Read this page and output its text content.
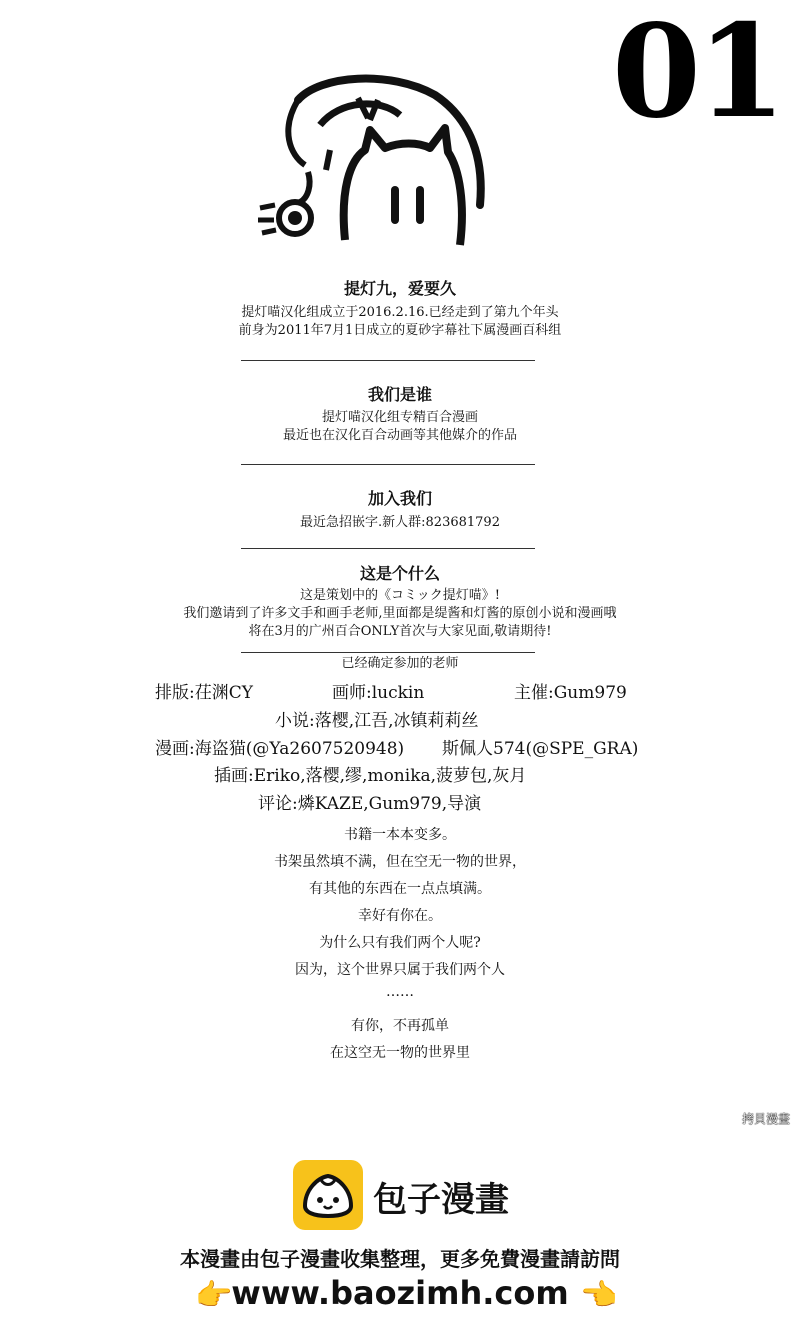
01
提灯九，爱要久
提灯喵汉化组成立于2016.2.16.已经走到了第九个年头
前身为2011年7月1日成立的夏砂字幕社下属漫画百科组
我们是谁
提灯喵汉化组专精百合漫画
最近也在汉化百合动画等其他媒介的作品
加入我们
最近急招嵌字.新人群:823681792
这是个什么
这是策划中的《コミック提灯喵》!
我们邀请到了许多文手和画手老师,里面都是缇酱和灯酱的原创小说和漫画哦
将在3月的广州百合ONLY首次与大家见面,敬请期待!
已经确定参加的老师
排版:茌渊CY	画师:luckin	主催:Gum979
小说:落樱,江吾,冰镇莉莉丝
漫画:海盗猫(@Ya2607520948) 斯佩人574(@SPE_GRA)
插画:Eriko,落樱,缪,monika,菠萝包,灰月
评论:燐KAZE,Gum979,导演
书籍一本本变多。
书架虽然填不满，但在空无一物的世界，
有其他的东西在一点点填满。
幸好有你在。
为什么只有我们两个人呢?
因为，这个世界只属于我们两个人
……
有你，不再孤单
在这空无一物的世界里
拷貝漫畫
包子漫畫
本漫畫由包子漫畫收集整理，更多免費漫畫請訪問
👉
www.baozimh.com 👈
